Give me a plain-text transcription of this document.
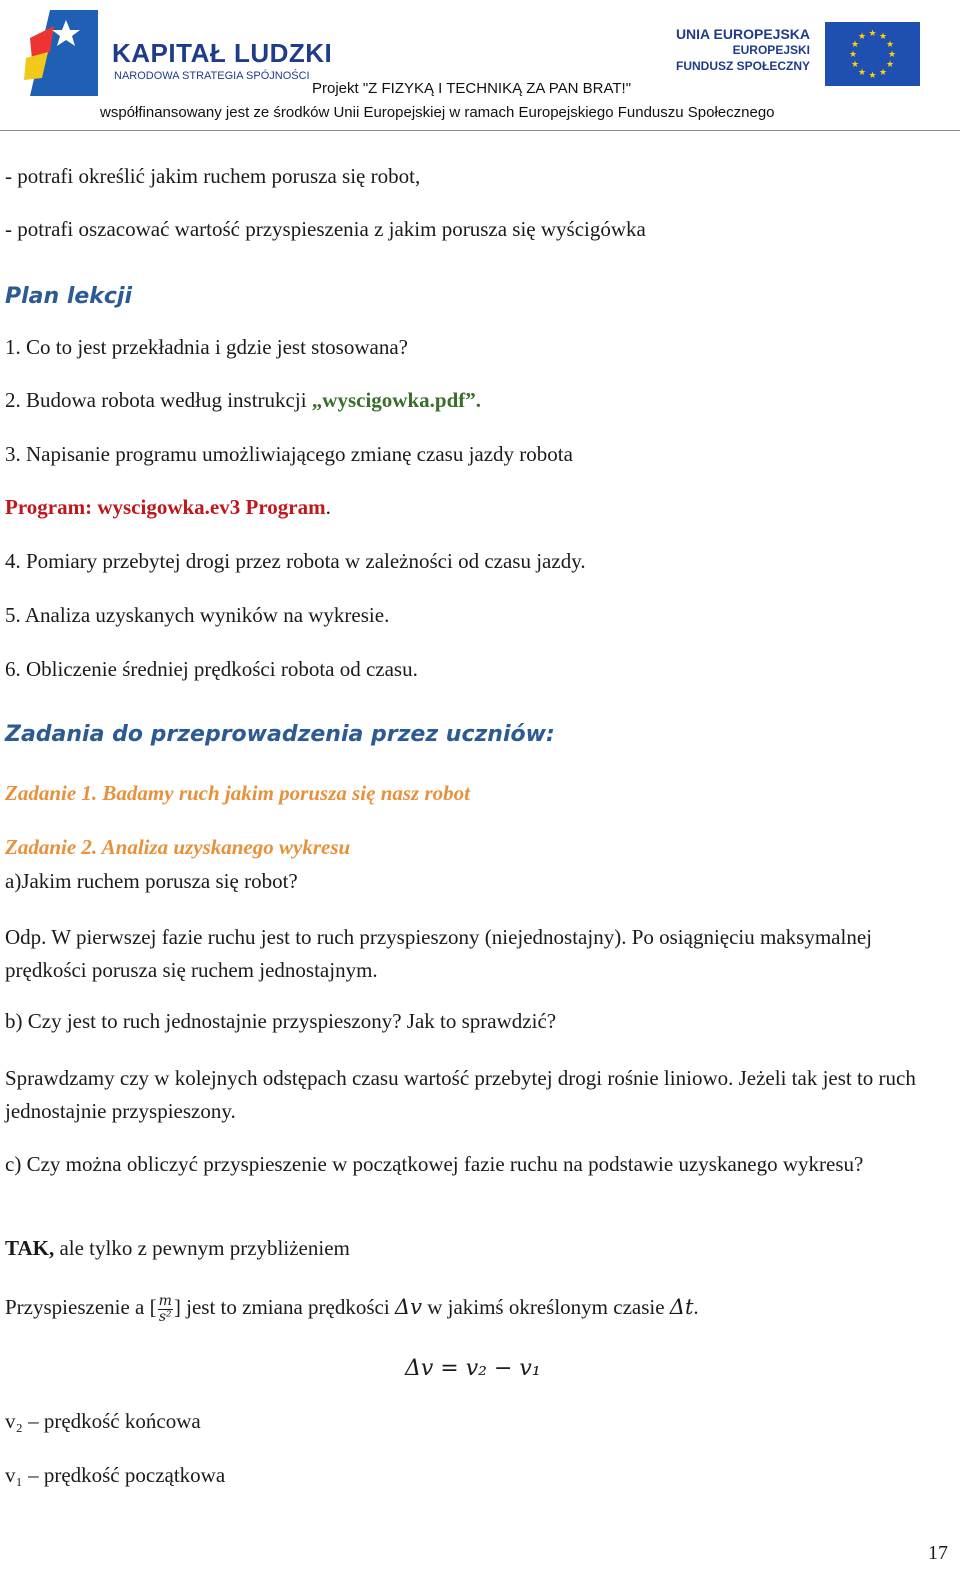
KAPITAŁ LUDZKI
NARODOWA STRATEGIA SPÓJNOŚCI
UNIA EUROPEJSKA
EUROPEJSKI
FUNDUSZ SPOŁECZNY
★ ★
★
★
★
★
★
★
★
★
★
★
Projekt "Z FIZYKĄ I TECHNIKĄ ZA PAN BRAT!"
współfinansowany jest ze środków Unii Europejskiej w ramach Europejskiego Funduszu Społecznego
- potrafi określić jakim ruchem porusza się robot,
- potrafi oszacować wartość przyspieszenia z jakim porusza się wyścigówka
Plan lekcji
1. Co to jest przekładnia i gdzie jest stosowana?
2. Budowa robota według instrukcji „wyscigowka.pdf”.
3. Napisanie programu umożliwiającego zmianę czasu jazdy robota
Program: wyscigowka.ev3 Program.
4. Pomiary przebytej drogi przez robota w zależności od czasu jazdy.
5. Analiza uzyskanych wyników na wykresie.
6. Obliczenie średniej prędkości robota od czasu.
Zadania do przeprowadzenia przez uczniów:
Zadanie 1. Badamy ruch jakim porusza się nasz robot
Zadanie 2. Analiza uzyskanego wykresu
a)Jakim ruchem porusza się robot?
Odp. W pierwszej fazie ruchu jest to ruch przyspieszony (niejednostajny). Po osiągnięciu maksymalnej prędkości porusza się ruchem jednostajnym.
b) Czy jest to ruch jednostajnie przyspieszony? Jak to sprawdzić?
Sprawdzamy czy w kolejnych odstępach czasu wartość przebytej drogi rośnie liniowo. Jeżeli tak jest to ruch jednostajnie przyspieszony.
c) Czy można obliczyć przyspieszenie w początkowej fazie ruchu na podstawie uzyskanego wykresu?
TAK, ale tylko z pewnym przybliżeniem
Przyspieszenie a [ $\frac{m}{\text{s²}}$ ] jest to zmiana prędkości Δv w jakimś określonym czasie Δt.
Δv = v₂ − v₁
v₂ – prędkość końcowa
v₁ – prędkość początkowa
17
